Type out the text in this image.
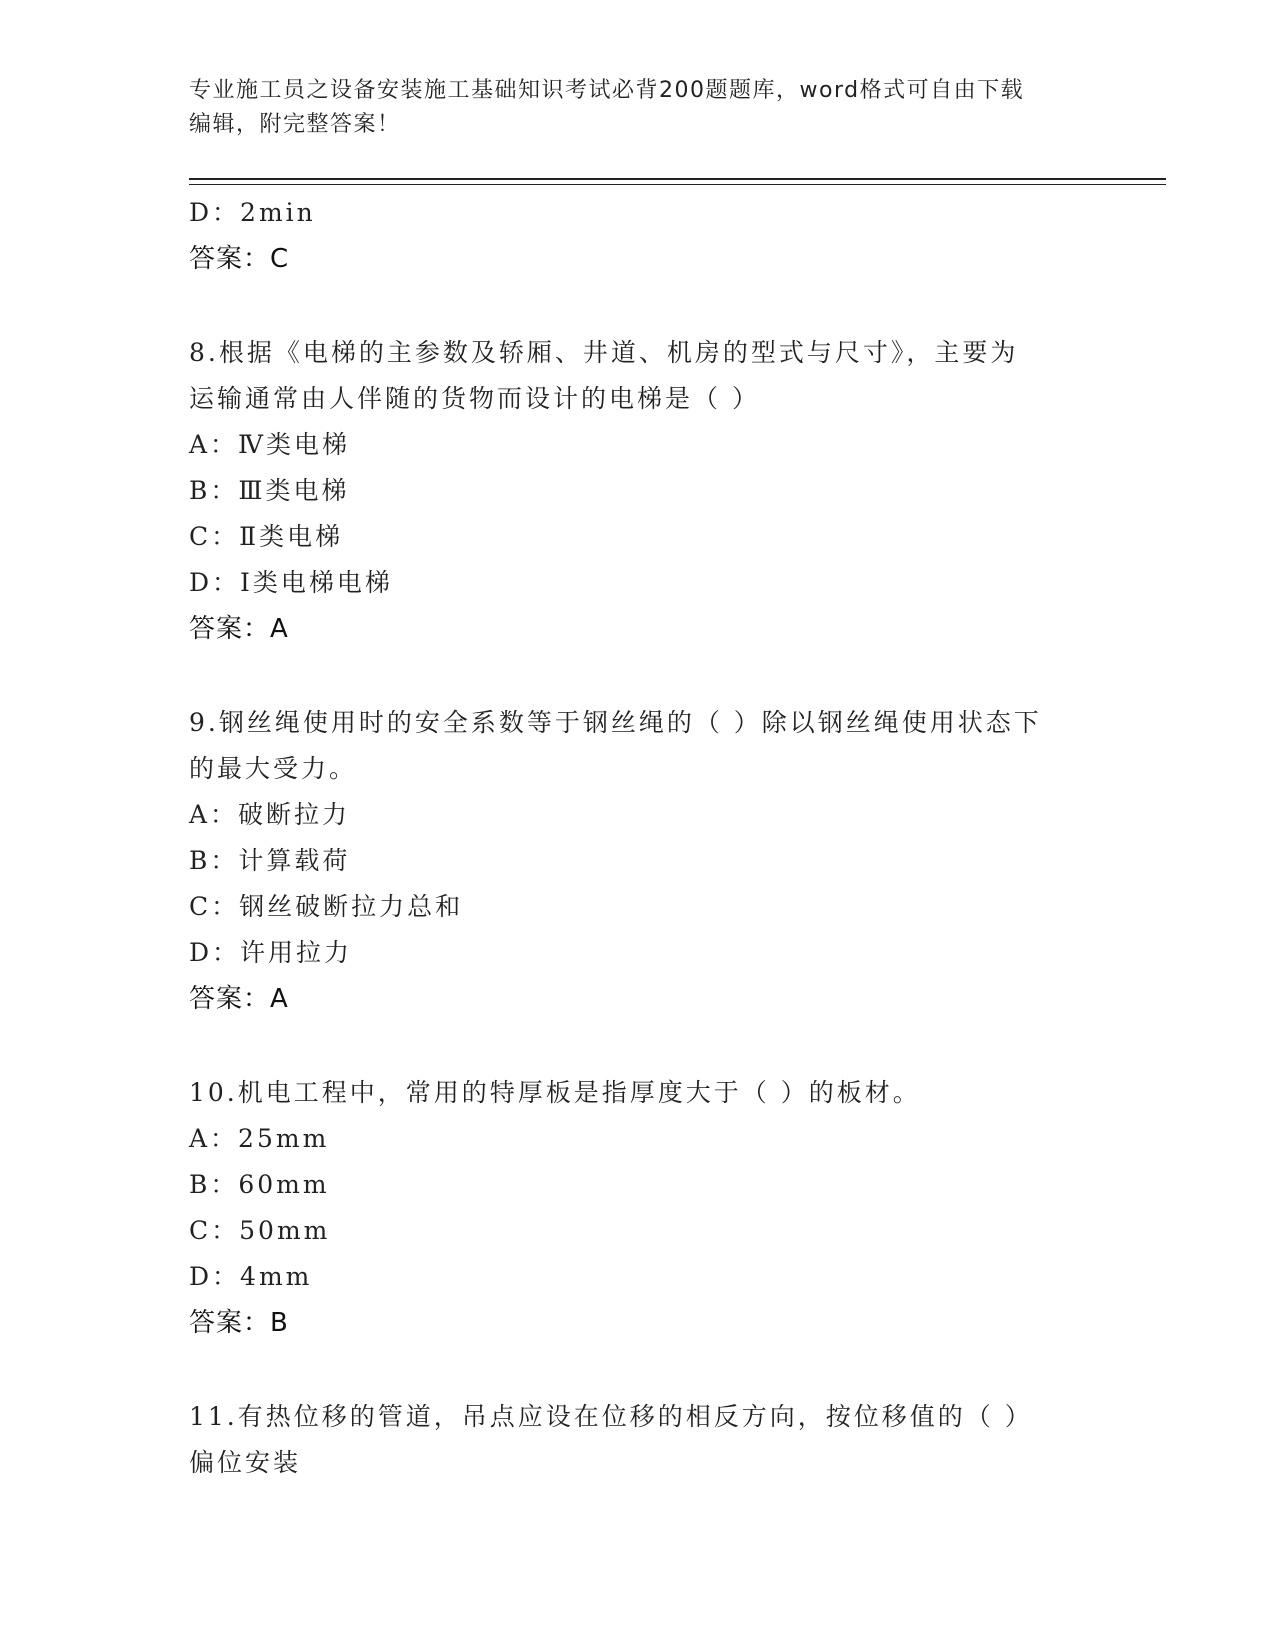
专业施工员之设备安装施工基础知识考试必背200题题库，word格式可自由下载
编辑，附完整答案！
D：2min
答案：C
8.根据《电梯的主参数及轿厢、井道、机房的型式与尺寸》，主要为
运输通常由人伴随的货物而设计的电梯是（ ）
A：Ⅳ类电梯
B：Ⅲ类电梯
C：Ⅱ类电梯
D：Ⅰ类电梯电梯
答案：A
9.钢丝绳使用时的安全系数等于钢丝绳的（ ）除以钢丝绳使用状态下
的最大受力。
A：破断拉力
B：计算载荷
C：钢丝破断拉力总和
D：许用拉力
答案：A
10.机电工程中，常用的特厚板是指厚度大于（ ）的板材。
A：25mm
B：60mm
C：50mm
D：4mm
答案：B
11.有热位移的管道，吊点应设在位移的相反方向，按位移值的（ ）
偏位安装
